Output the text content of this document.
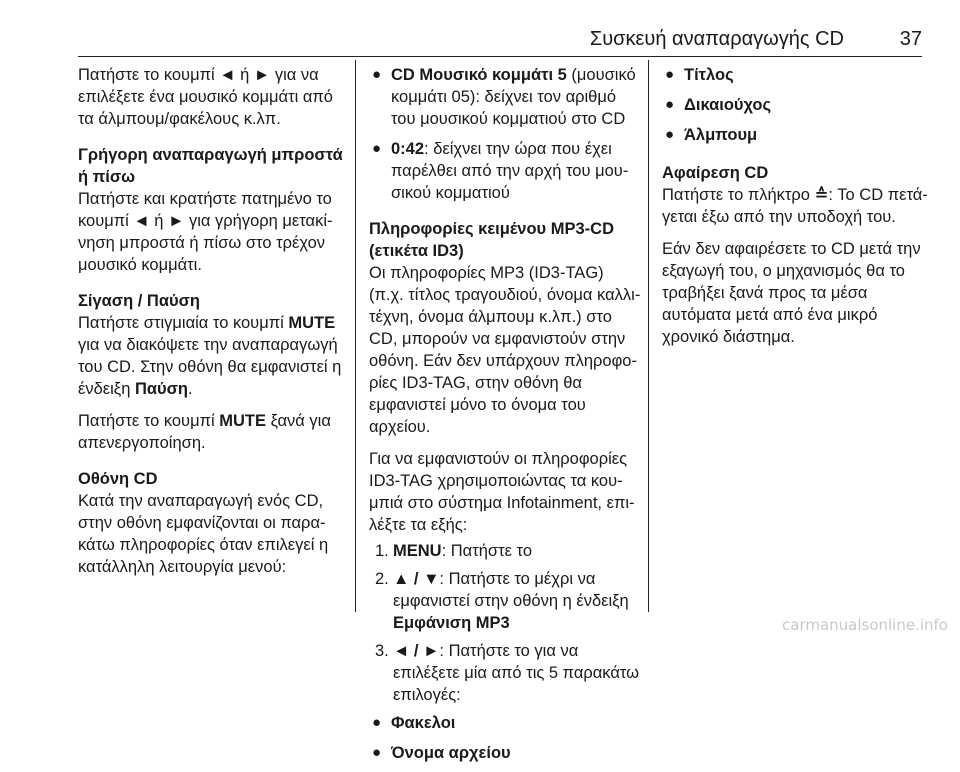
Συσκευή αναπαραγωγής CD	37

Πατήστε το κουμπί ◄ ή ► για να επιλέξετε ένα μουσικό κομμάτι από τα άλμπουμ/φακέλους κ.λπ.

Γρήγορη αναπαραγωγή μπροστά ή πίσω

Πατήστε και κρατήστε πατημένο το κουμπί ◄ ή ► για γρήγορη μετακίνηση μπροστά ή πίσω στο τρέχον μουσικό κομμάτι.

Σίγαση / Παύση

Πατήστε στιγμιαία το κουμπί MUTE για να διακόψετε την αναπαραγωγή του CD. Στην οθόνη θα εμφανιστεί η ένδειξη Παύση.

Πατήστε το κουμπί MUTE ξανά για απενεργοποίηση.

Οθόνη CD

Κατά την αναπαραγωγή ενός CD, στην οθόνη εμφανίζονται οι παρακάτω πληροφορίες όταν επιλεγεί η κατάλληλη λειτουργία μενού:

● CD Μουσικό κομμάτι 5 (μουσικό κομμάτι 05): δείχνει τον αριθμό του μουσικού κομματιού στο CD
● 0:42: δείχνει την ώρα που έχει παρέλθει από την αρχή του μουσικού κομματιού

Πληροφορίες κειμένου MP3-CD (ετικέτα ID3)

Οι πληροφορίες MP3 (ID3-TAG) (π.χ. τίτλος τραγουδιού, όνομα καλλιτέχνη, όνομα άλμπουμ κ.λπ.) στο CD, μπορούν να εμφανιστούν στην οθόνη. Εάν δεν υπάρχουν πληροφορίες ID3-TAG, στην οθόνη θα εμφανιστεί μόνο το όνομα του αρχείου.

Για να εμφανιστούν οι πληροφορίες ID3-TAG χρησιμοποιώντας τα κουμπιά στο σύστημα Infotainment, επιλέξτε τα εξής:

1. MENU: Πατήστε το
2. ▲ / ▼: Πατήστε το μέχρι να εμφανιστεί στην οθόνη η ένδειξη
Εμφάνιση MP3
3. ◄ / ►: Πατήστε το για να επιλέξετε μία από τις 5 παρακάτω επιλογές:
● Φακελοι
● Όνομα αρχείου
● Τίτλος
● Δικαιούχος
● Άλμπουμ

Αφαίρεση CD

Πατήστε το πλήκτρο ≙: Το CD πετάγεται έξω από την υποδοχή του.

Εάν δεν αφαιρέσετε το CD μετά την εξαγωγή του, ο μηχανισμός θα το τραβήξει ξανά προς τα μέσα αυτόματα μετά από ένα μικρό χρονικό διάστημα.

carmanualsonline.info
